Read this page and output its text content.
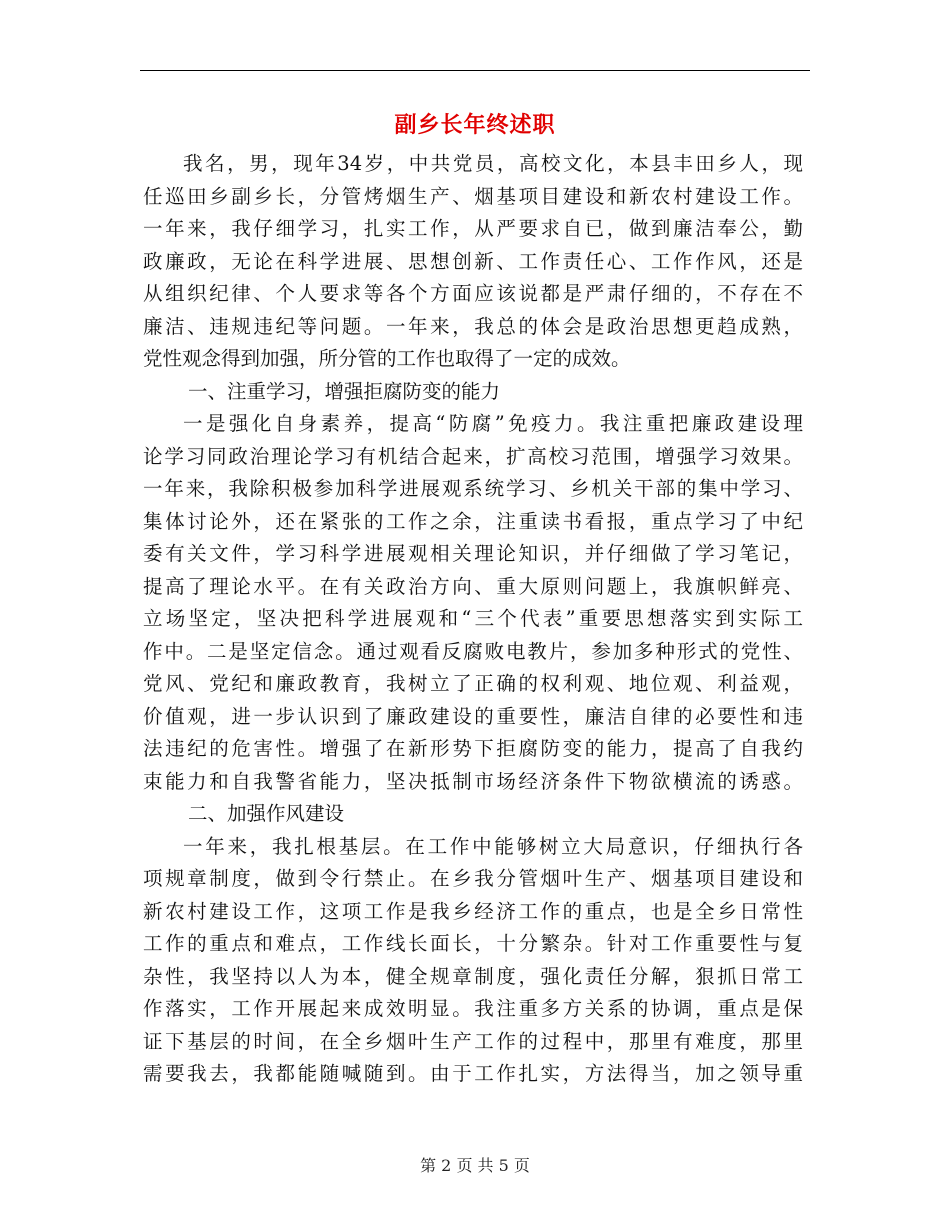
副乡长年终述职
我名，男，现年34岁，中共党员，高校文化，本县丰田乡人，现
任巡田乡副乡长，分管烤烟生产、烟基项目建设和新农村建设工作。
一年来，我仔细学习，扎实工作，从严要求自已，做到廉洁奉公，勤
政廉政，无论在科学进展、思想创新、工作责任心、工作作风，还是
从组织纪律、个人要求等各个方面应该说都是严肃仔细的，不存在不
廉洁、违规违纪等问题。一年来，我总的体会是政治思想更趋成熟，
党性观念得到加强，所分管的工作也取得了一定的成效。
一、注重学习，增强拒腐防变的能力
一是强化自身素养，提高“防腐”免疫力。我注重把廉政建设理
论学习同政治理论学习有机结合起来，扩高校习范围，增强学习效果。
一年来，我除积极参加科学进展观系统学习、乡机关干部的集中学习、
集体讨论外，还在紧张的工作之余，注重读书看报，重点学习了中纪
委有关文件，学习科学进展观相关理论知识，并仔细做了学习笔记，
提高了理论水平。在有关政治方向、重大原则问题上，我旗帜鲜亮、
立场坚定，坚决把科学进展观和“三个代表”重要思想落实到实际工
作中。二是坚定信念。通过观看反腐败电教片，参加多种形式的党性、
党风、党纪和廉政教育，我树立了正确的权利观、地位观、利益观，
价值观，进一步认识到了廉政建设的重要性，廉洁自律的必要性和违
法违纪的危害性。增强了在新形势下拒腐防变的能力，提高了自我约
束能力和自我警省能力，坚决抵制市场经济条件下物欲横流的诱惑。
二、加强作风建设
一年来，我扎根基层。在工作中能够树立大局意识，仔细执行各
项规章制度，做到令行禁止。在乡我分管烟叶生产、烟基项目建设和
新农村建设工作，这项工作是我乡经济工作的重点，也是全乡日常性
工作的重点和难点，工作线长面长，十分繁杂。针对工作重要性与复
杂性，我坚持以人为本，健全规章制度，强化责任分解，狠抓日常工
作落实，工作开展起来成效明显。我注重多方关系的协调，重点是保
证下基层的时间，在全乡烟叶生产工作的过程中，那里有难度，那里
需要我去，我都能随喊随到。由于工作扎实，方法得当，加之领导重
第 2 页 共 5 页
